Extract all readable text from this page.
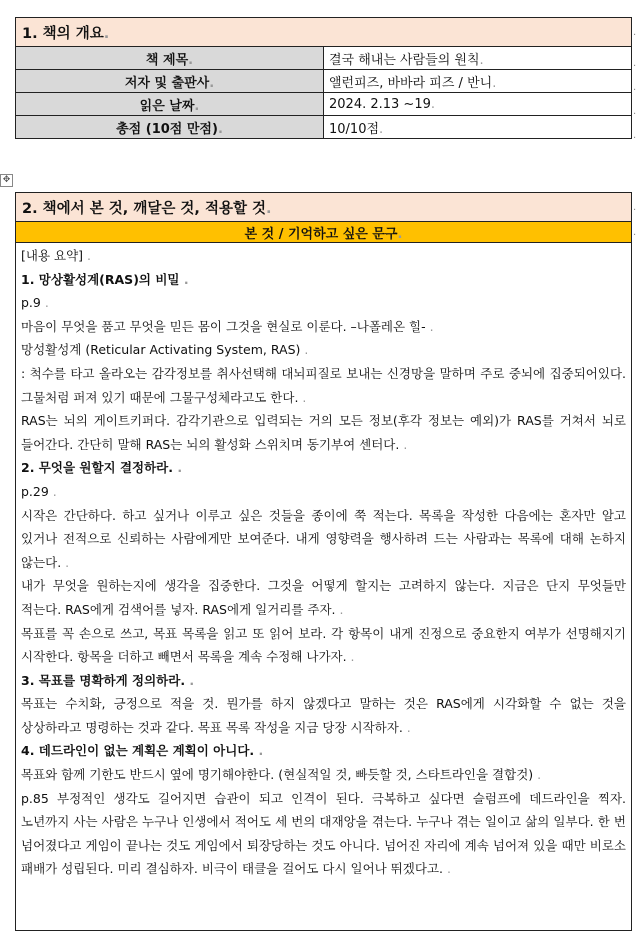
✥
1. 책의 개요.	
책 제목.	결국 해내는 사람들의 원칙.
저자 및 출판사.	앨런피즈, 바바라 피즈 / 반니.
읽은 날짜.	2024. 2.13 ~19.
총점 (10점 만점).	10/10점.
2. 책에서 본 것, 깨달은 것, 적용할 것.
본 것 / 기억하고 싶은 문구.

[내용 요약] .

1. 망상활성계(RAS)의 비밀 .

p.9 .

마음이 무엇을 품고 무엇을 믿든 몸이 그것을 현실로 이룬다. –나폴레온 힐- .

망성활성계 (Reticular Activating System, RAS) .

: 척수를 타고 올라오는 감각정보를 취사선택해 대뇌피질로 보내는 신경망을 말하며 주로 중뇌에 집중되어있다. 그물처럼 퍼져 있기 때문에 그물구성체라고도 한다. .

RAS는 뇌의 게이트키퍼다. 감각기관으로 입력되는 거의 모든 정보(후각 정보는 예외)가 RAS를 거쳐서 뇌로 들어간다. 간단히 말해 RAS는 뇌의 활성화 스위치며 동기부여 센터다. .

2. 무엇을 원할지 결정하라. .

p.29 .

시작은 간단하다. 하고 싶거나 이루고 싶은 것들을 종이에 쭉 적는다. 목록을 작성한 다음에는 혼자만 알고 있거나 전적으로 신뢰하는 사람에게만 보여준다. 내게 영향력을 행사하려 드는 사람과는 목록에 대해 논하지 않는다. .

내가 무엇을 원하는지에 생각을 집중한다. 그것을 어떻게 할지는 고려하지 않는다. 지금은 단지 무엇들만 적는다. RAS에게 검색어를 넣자. RAS에게 일거리를 주자. .

목표를 꼭 손으로 쓰고, 목표 목록을 읽고 또 읽어 보라. 각 항목이 내게 진정으로 중요한지 여부가 선명해지기 시작한다. 항목을 더하고 빼면서 목록을 계속 수정해 나가자. .

3. 목표를 명확하게 정의하라. .

목표는 수치화, 긍정으로 적을 것. 뭔가를 하지 않겠다고 말하는 것은 RAS에게 시각화할 수 없는 것을 상상하라고 명령하는 것과 같다. 목표 목록 작성을 지금 당장 시작하자. .

4. 데드라인이 없는 계획은 계획이 아니다. .

목표와 함께 기한도 반드시 옆에 명기해야한다. (현실적일 것, 빠듯할 것, 스타트라인을 결합것) .

p.85 부정적인 생각도 길어지면 습관이 되고 인격이 된다. 극복하고 싶다면 슬럼프에 데드라인을 찍자. 노년까지 사는 사람은 누구나 인생에서 적어도 세 번의 대재앙을 겪는다. 누구나 겪는 일이고 삶의 일부다. 한 번 넘어졌다고 게임이 끝나는 것도 게임에서 퇴장당하는 것도 아니다. 넘어진 자리에 계속 넘어져 있을 때만 비로소 패배가 성립된다. 미리 결심하자. 비극이 태클을 걸어도 다시 일어나 뛰겠다고. .

.
.
.
.
.
.
.
